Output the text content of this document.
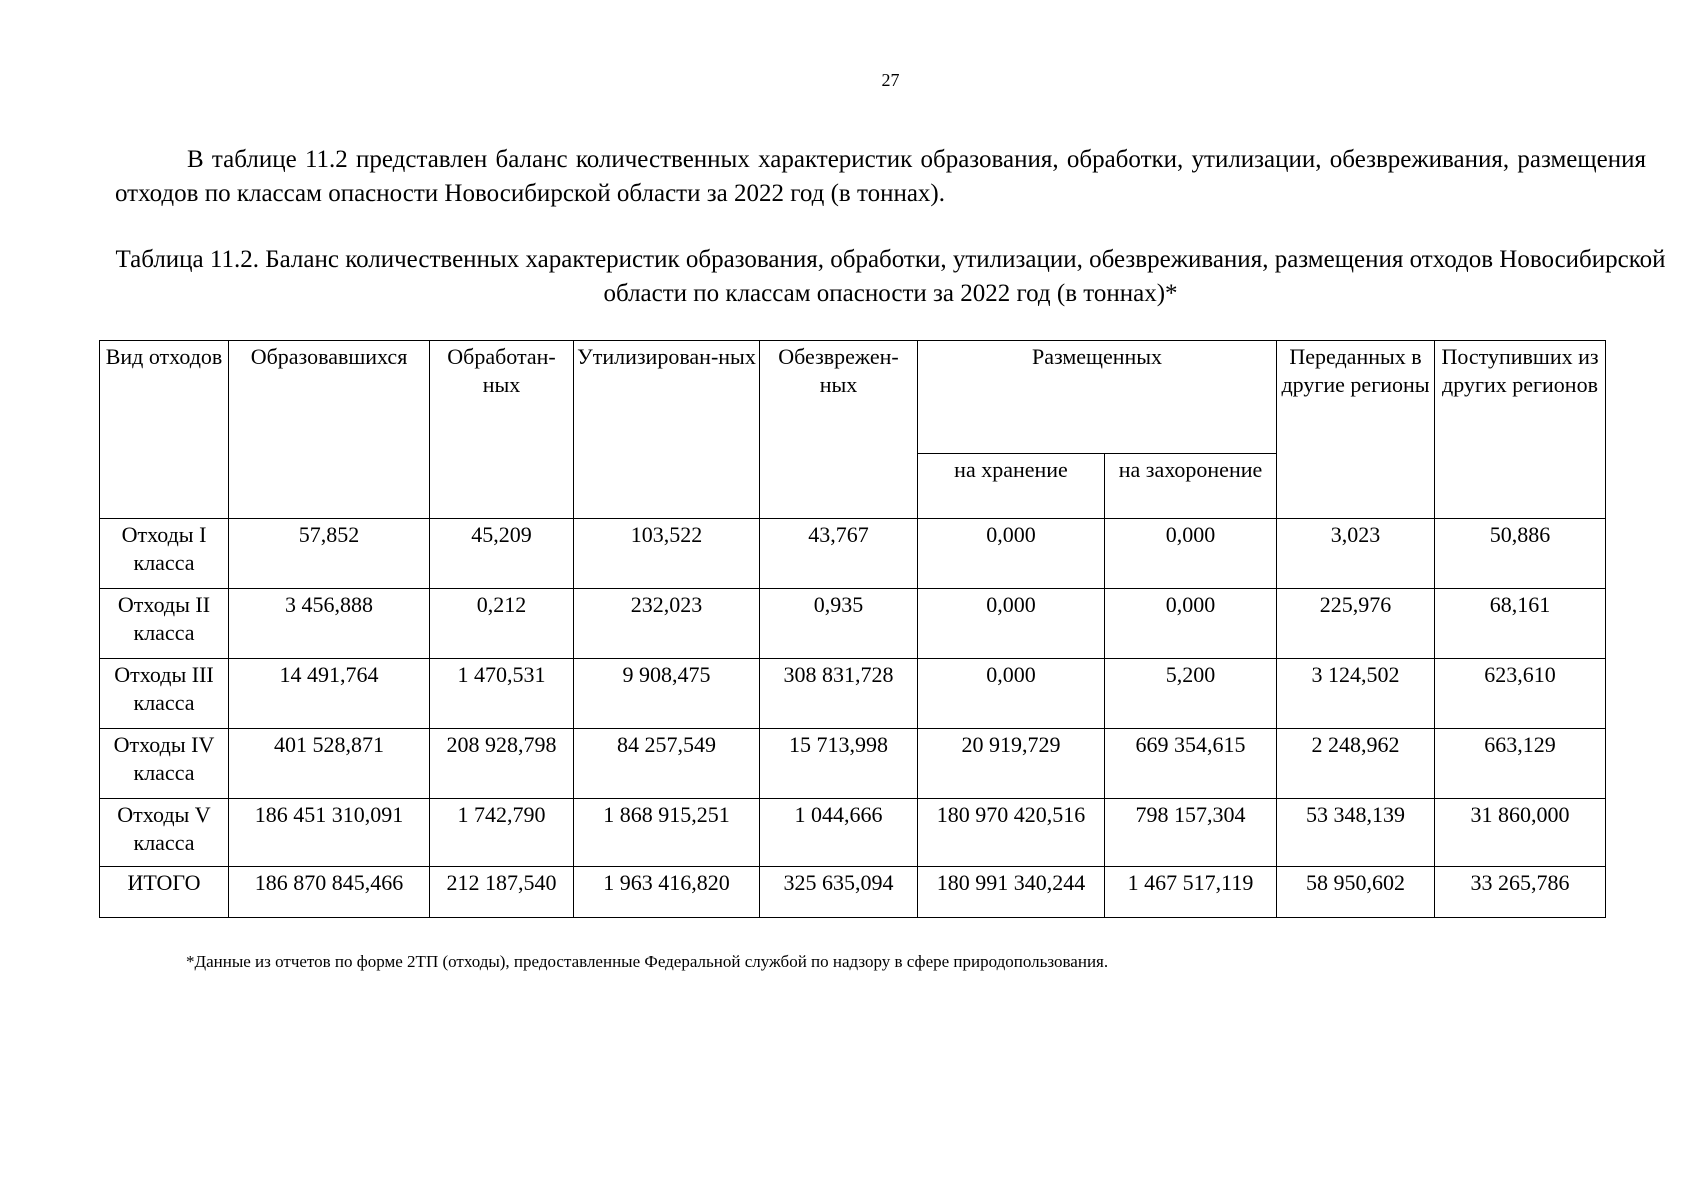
27

В таблице 11.2 представлен баланс количественных характеристик образования, обработки, утилизации, обезвреживания, размещения отходов по классам опасности Новосибирской области за 2022 год (в тоннах).

Таблица 11.2. Баланс количественных характеристик образования, обработки, утилизации, обезвреживания, размещения отходов Новосибирской области по классам опасности за 2022 год (в тоннах)*

Вид отходов	Образовавшихся	Обработан-ных	Утилизирован-ных	Обезврежен-ных	Размещенных		Переданных в другие регионы	Поступивших из других регионов
					на хранение	на захоронение		
Отходы I класса	57,852	45,209	103,522	43,767	0,000	0,000	3,023	50,886
Отходы II класса	3 456,888	0,212	232,023	0,935	0,000	0,000	225,976	68,161
Отходы III класса	14 491,764	1 470,531	9 908,475	308 831,728	0,000	5,200	3 124,502	623,610
Отходы IV класса	401 528,871	208 928,798	84 257,549	15 713,998	20 919,729	669 354,615	2 248,962	663,129
Отходы V класса	186 451 310,091	1 742,790	1 868 915,251	1 044,666	180 970 420,516	798 157,304	53 348,139	31 860,000
ИТОГО	186 870 845,466	212 187,540	1 963 416,820	325 635,094	180 991 340,244	1 467 517,119	58 950,602	33 265,786

*Данные из отчетов по форме 2ТП (отходы), предоставленные Федеральной службой по надзору в сфере природопользования.
